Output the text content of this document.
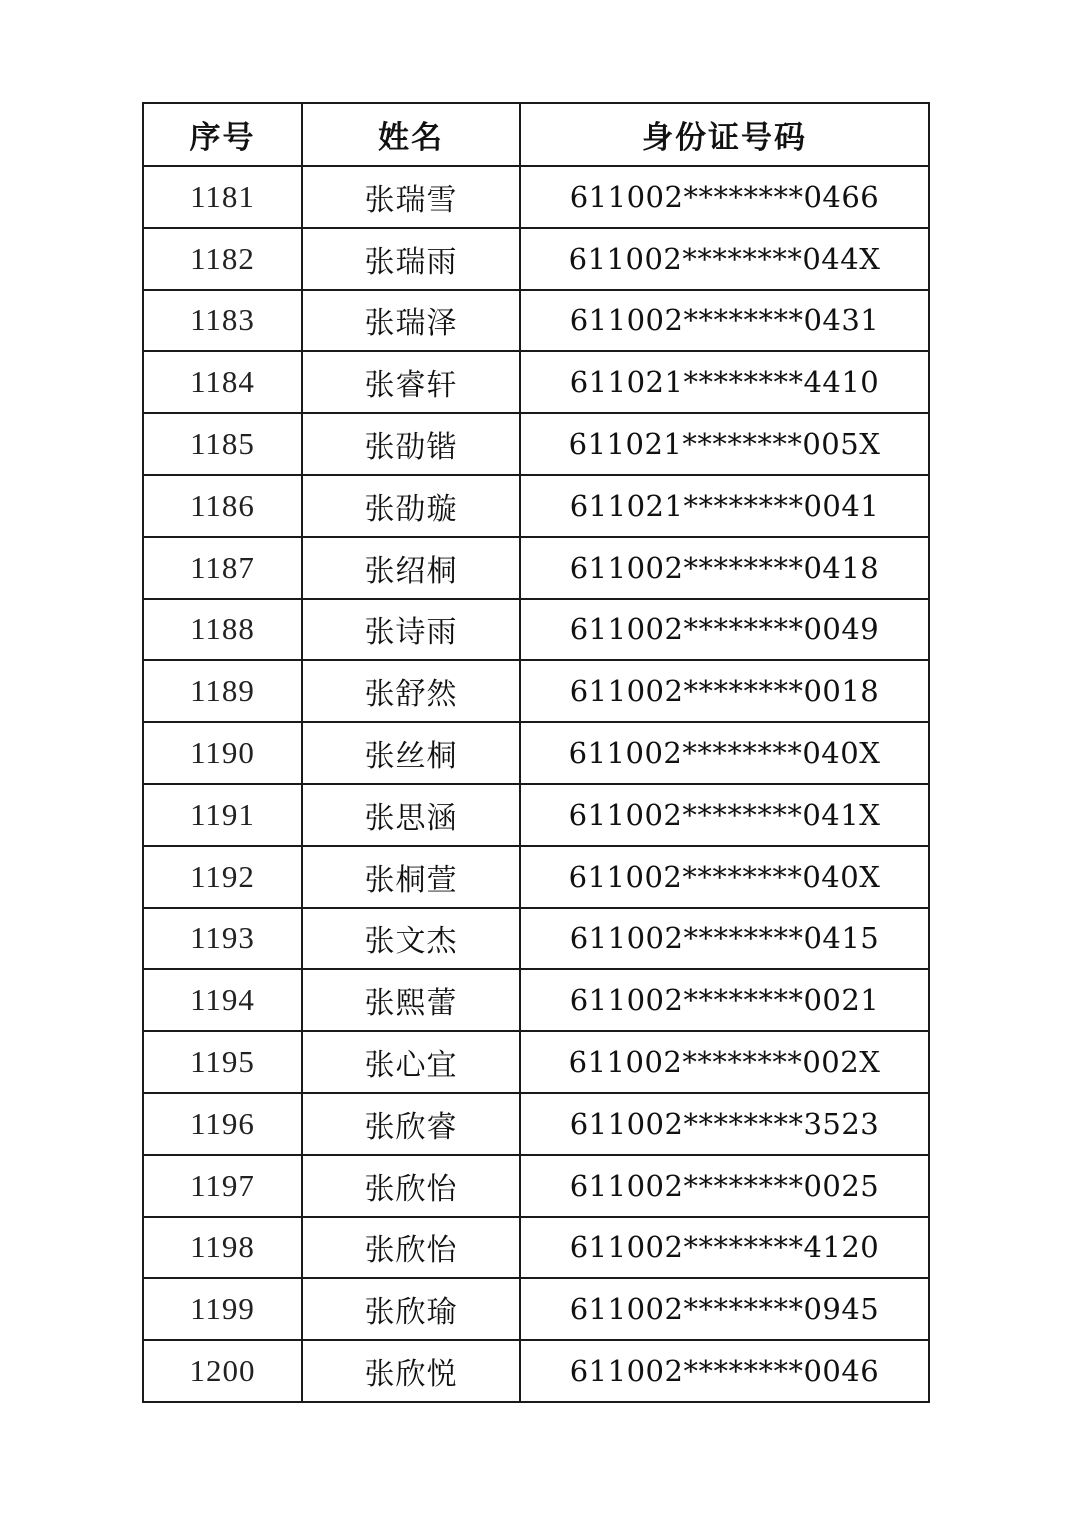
序号	姓名	身份证号码
1181	张瑞雪	611002********0466
1182	张瑞雨	611002********044X
1183	张瑞泽	611002********0431
1184	张睿轩	611021********4410
1185	张劭锴	611021********005X
1186	张劭璇	611021********0041
1187	张绍桐	611002********0418
1188	张诗雨	611002********0049
1189	张舒然	611002********0018
1190	张丝桐	611002********040X
1191	张思涵	611002********041X
1192	张桐萱	611002********040X
1193	张文杰	611002********0415
1194	张熙蕾	611002********0021
1195	张心宜	611002********002X
1196	张欣睿	611002********3523
1197	张欣怡	611002********0025
1198	张欣怡	611002********4120
1199	张欣瑜	611002********0945
1200	张欣悦	611002********0046
